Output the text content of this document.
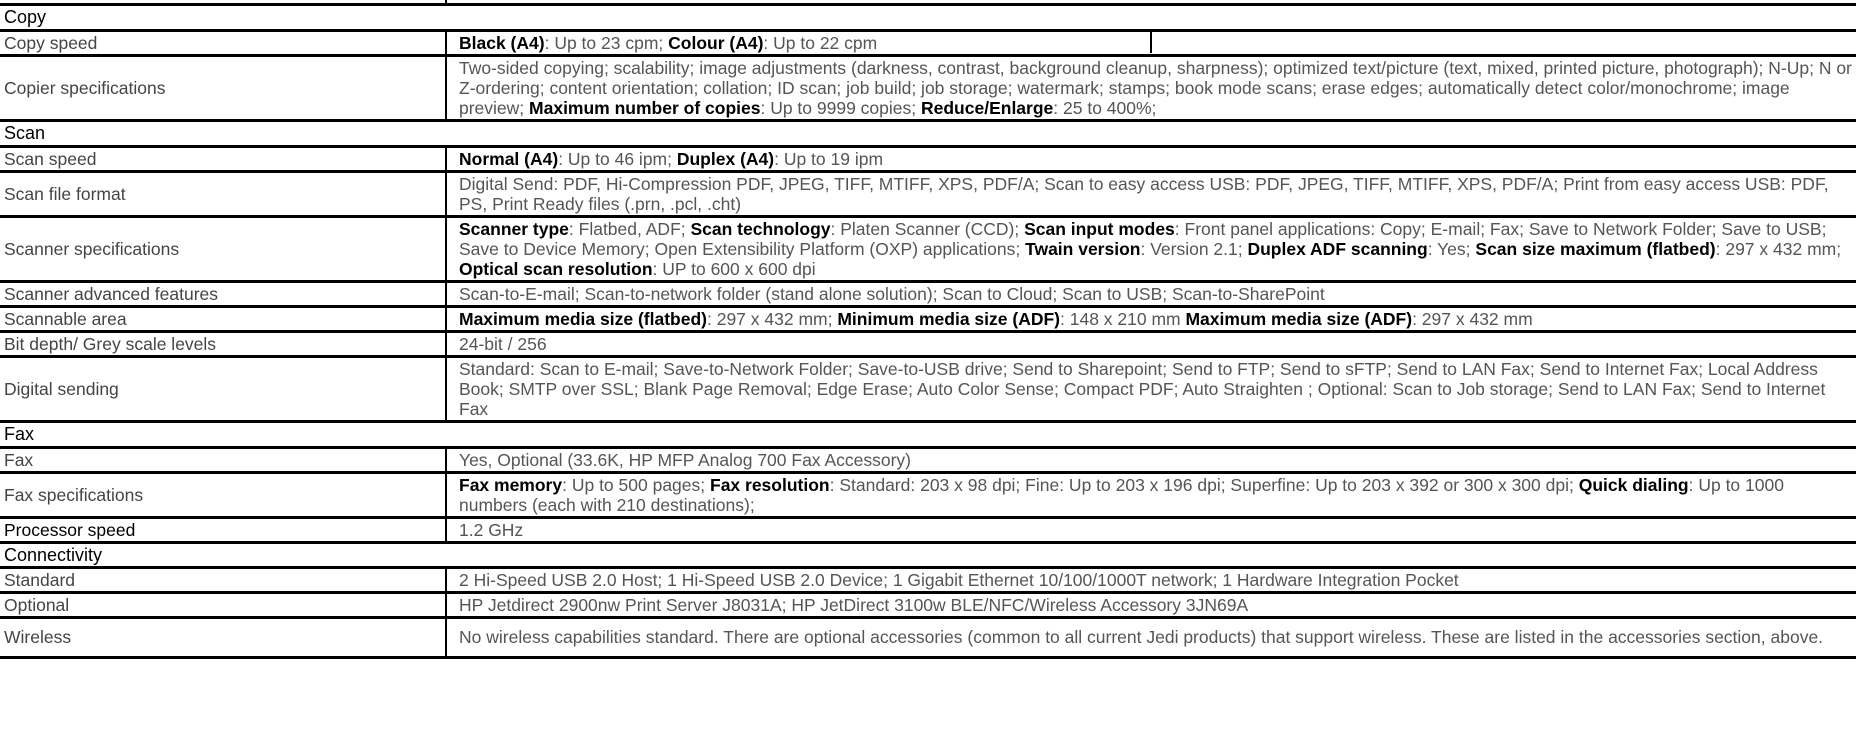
Copy	
Copy speed	Black (A4): Up to 23 cpm; Colour (A4): Up to 22 cpm
Copier specifications	Two-sided copying; scalability; image adjustments (darkness, contrast, background cleanup, sharpness); optimized text/picture (text, mixed, printed picture, photograph); N-Up; N or Z-ordering; content orientation; collation; ID scan; job build; job storage; watermark; stamps; book mode scans; erase edges; automatically detect color/monochrome; image preview; Maximum number of copies: Up to 9999 copies; Reduce/Enlarge: 25 to 400%;
Scan	
Scan speed	Normal (A4): Up to 46 ipm; Duplex (A4): Up to 19 ipm
Scan file format	Digital Send: PDF, Hi-Compression PDF, JPEG, TIFF, MTIFF, XPS, PDF/A; Scan to easy access USB: PDF, JPEG, TIFF, MTIFF, XPS, PDF/A; Print from easy access USB: PDF, PS, Print Ready files (.prn, .pcl, .cht)
Scanner specifications	Scanner type: Flatbed, ADF; Scan technology: Platen Scanner (CCD); Scan input modes: Front panel applications: Copy; E-mail; Fax; Save to Network Folder; Save to USB; Save to Device Memory; Open Extensibility Platform (OXP) applications; Twain version: Version 2.1; Duplex ADF scanning: Yes; Scan size maximum (flatbed): 297 x 432 mm; Optical scan resolution: UP to 600 x 600 dpi
Scanner advanced features	Scan-to-E-mail; Scan-to-network folder (stand alone solution); Scan to Cloud; Scan to USB; Scan-to-SharePoint
Scannable area	Maximum media size (flatbed): 297 x 432 mm; Minimum media size (ADF): 148 x 210 mm Maximum media size (ADF): 297 x 432 mm
Bit depth/ Grey scale levels	24-bit / 256
Digital sending	Standard: Scan to E-mail; Save-to-Network Folder; Save-to-USB drive; Send to Sharepoint; Send to FTP; Send to sFTP; Send to LAN Fax; Send to Internet Fax; Local Address Book; SMTP over SSL; Blank Page Removal; Edge Erase; Auto Color Sense; Compact PDF; Auto Straighten ; Optional: Scan to Job storage; Send to LAN Fax; Send to Internet Fax
Fax	
Fax	Yes, Optional (33.6K, HP MFP Analog 700 Fax Accessory)
Fax specifications	Fax memory: Up to 500 pages; Fax resolution: Standard: 203 x 98 dpi; Fine: Up to 203 x 196 dpi; Superfine: Up to 203 x 392 or 300 x 300 dpi; Quick dialing: Up to 1000 numbers (each with 210 destinations);
Processor speed	1.2 GHz
Connectivity	
Standard	2 Hi-Speed USB 2.0 Host; 1 Hi-Speed USB 2.0 Device; 1 Gigabit Ethernet 10/100/1000T network; 1 Hardware Integration Pocket
Optional	HP Jetdirect 2900nw Print Server J8031A; HP JetDirect 3100w BLE/NFC/Wireless Accessory 3JN69A
Wireless	No wireless capabilities standard. There are optional accessories (common to all current Jedi products) that support wireless. These are listed in the accessories section, above.
